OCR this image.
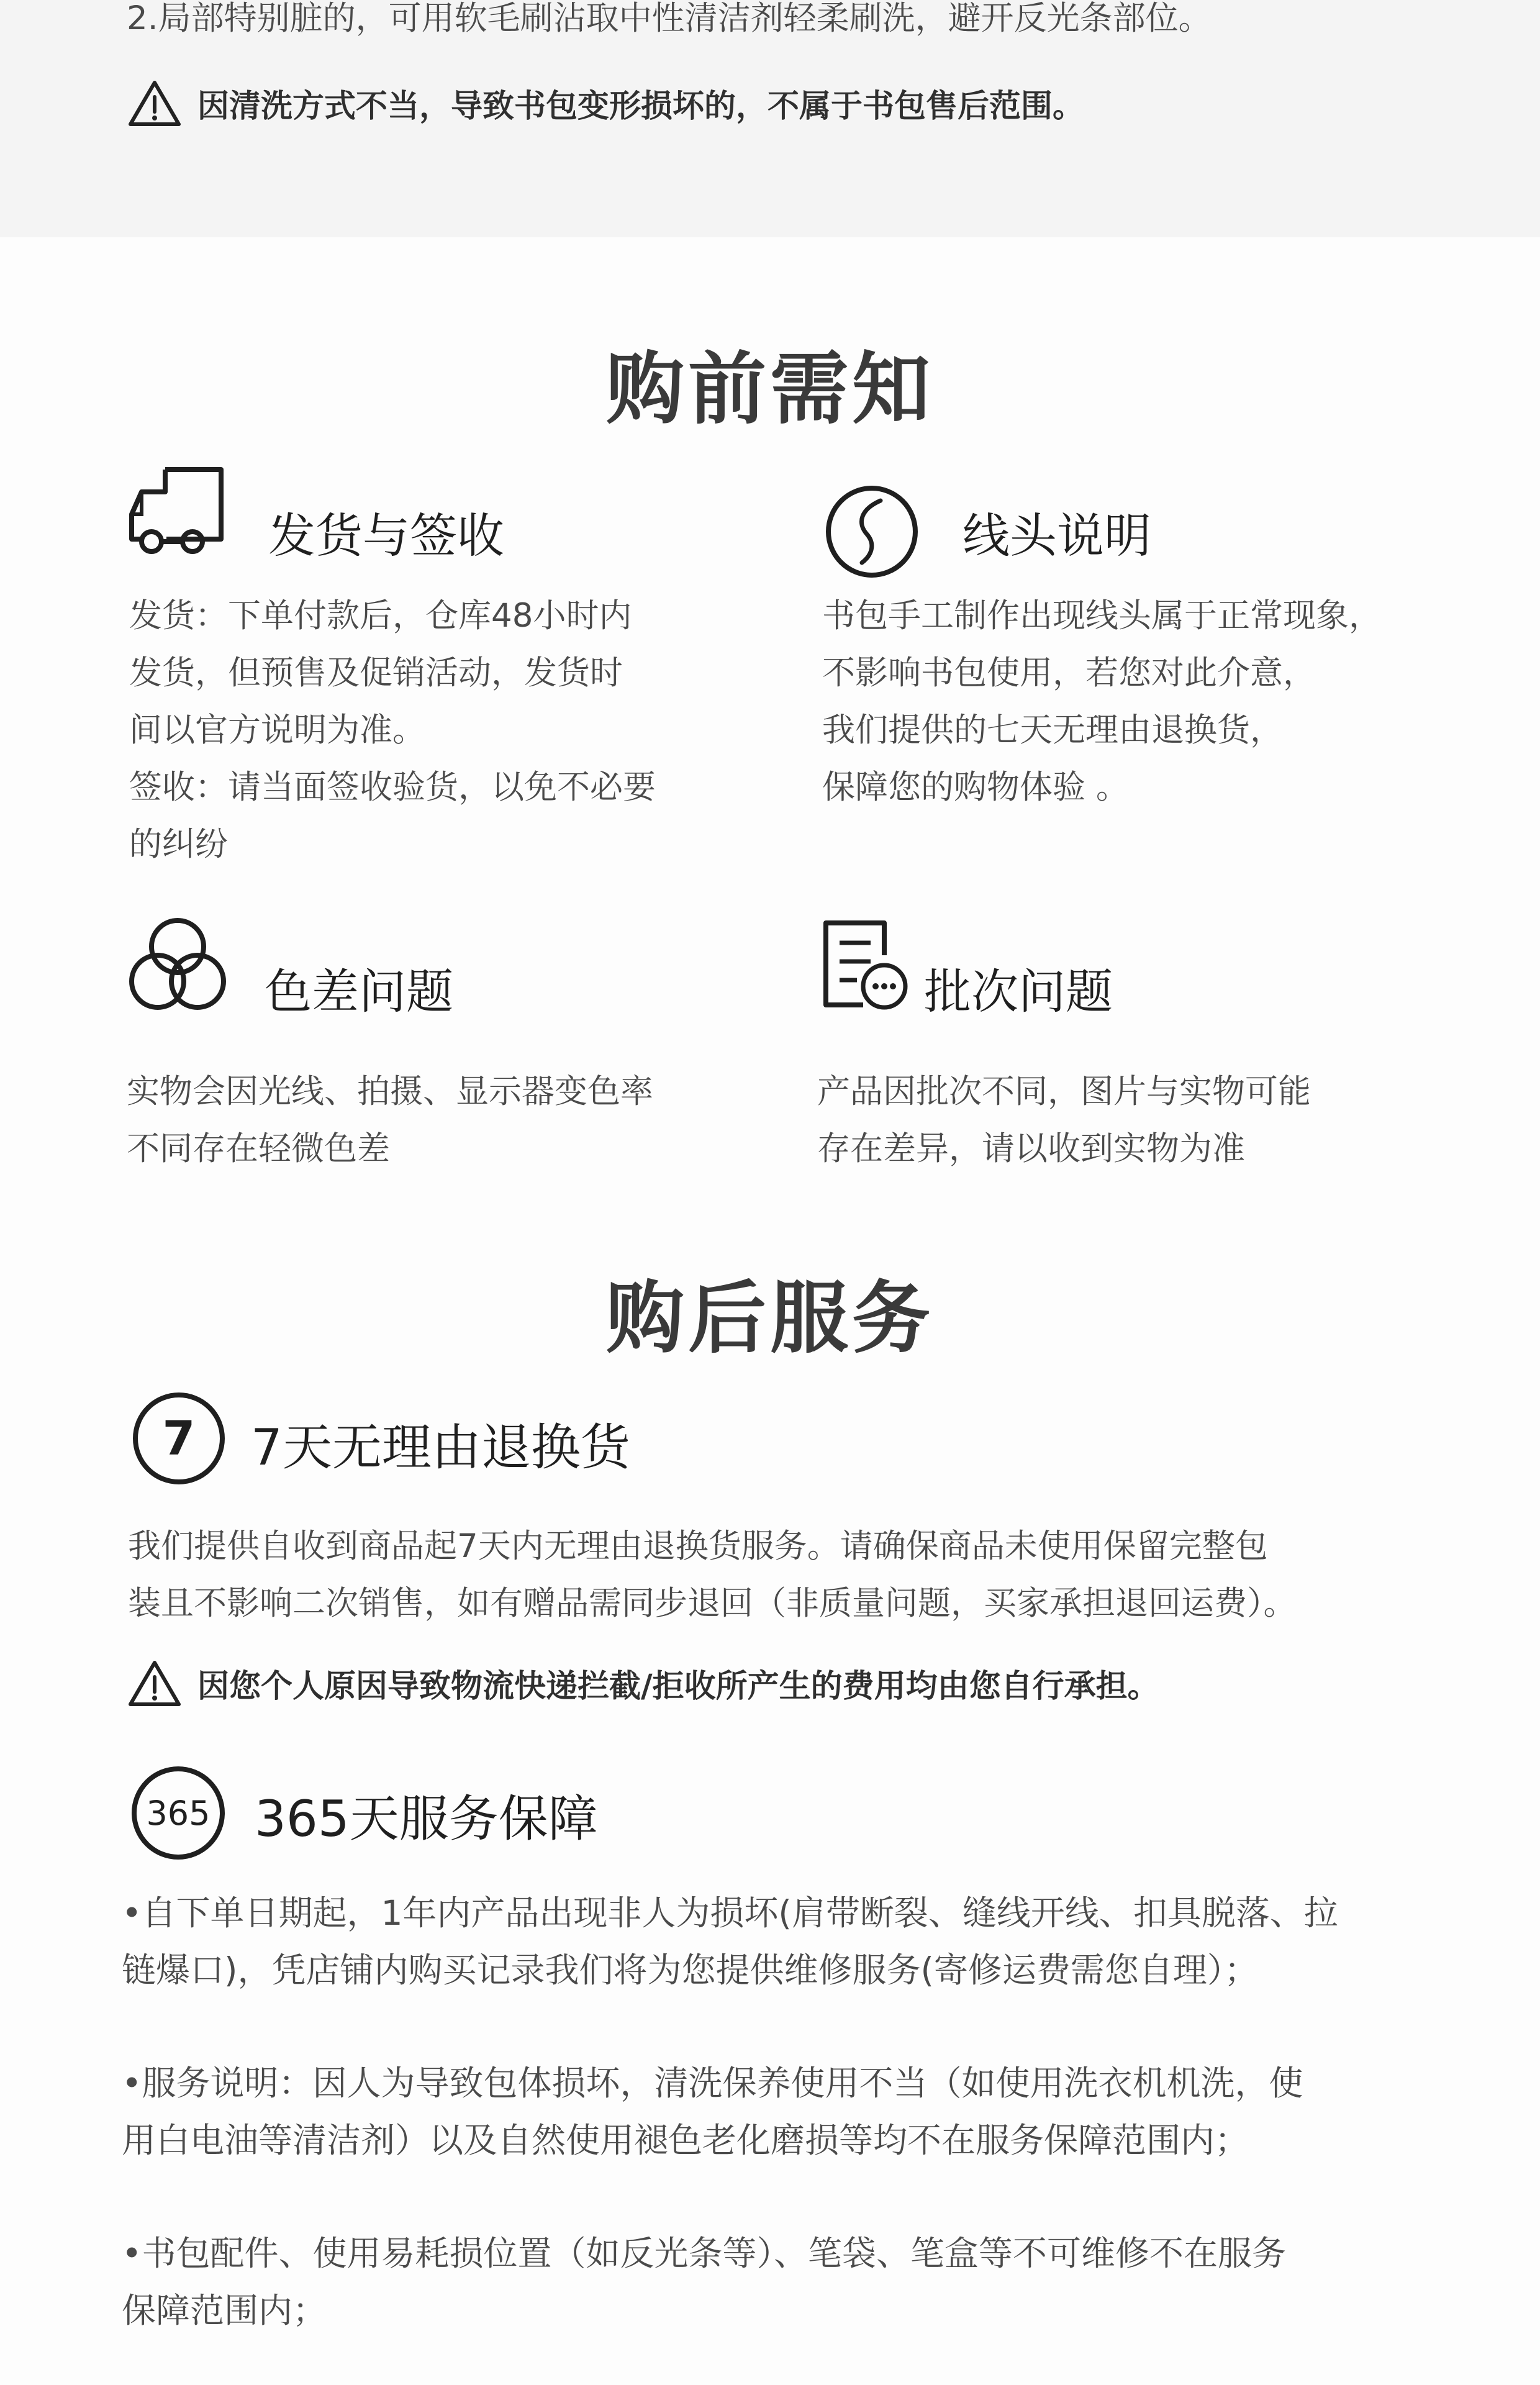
2.局部特别脏的，可用软毛刷沾取中性清洁剂轻柔刷洗，避开反光条部位。

因清洗方式不当，导致书包变形损坏的，不属于书包售后范围。
购前需知
发货与签收
发货：下单付款后，仓库48小时内
发货，但预售及促销活动，发货时
间以官方说明为准。
签收：请当面签收验货，以免不必要
的纠纷
线头说明
书包手工制作出现线头属于正常现象，
不影响书包使用，若您对此介意，
我们提供的七天无理由退换货，
保障您的购物体验 。
色差问题
实物会因光线、拍摄、显示器变色率
不同存在轻微色差
批次问题
产品因批次不同，图片与实物可能
存在差异，请以收到实物为准
购后服务
7 7天无理由退换货
我们提供自收到商品起7天内无理由退换货服务。请确保商品未使用保留完整包
装且不影响二次销售，如有赠品需同步退回（非质量问题，买家承担退回运费）。
因您个人原因导致物流快递拦截/拒收所产生的费用均由您自行承担。
365 365天服务保障
•自下单日期起，1年内产品出现非人为损坏(肩带断裂、缝线开线、扣具脱落、拉
链爆口)，凭店铺内购买记录我们将为您提供维修服务(寄修运费需您自理）；
•服务说明：因人为导致包体损坏，清洗保养使用不当（如使用洗衣机机洗，使
用白电油等清洁剂）以及自然使用褪色老化磨损等均不在服务保障范围内；
•书包配件、使用易耗损位置（如反光条等）、笔袋、笔盒等不可维修不在服务
保障范围内；
